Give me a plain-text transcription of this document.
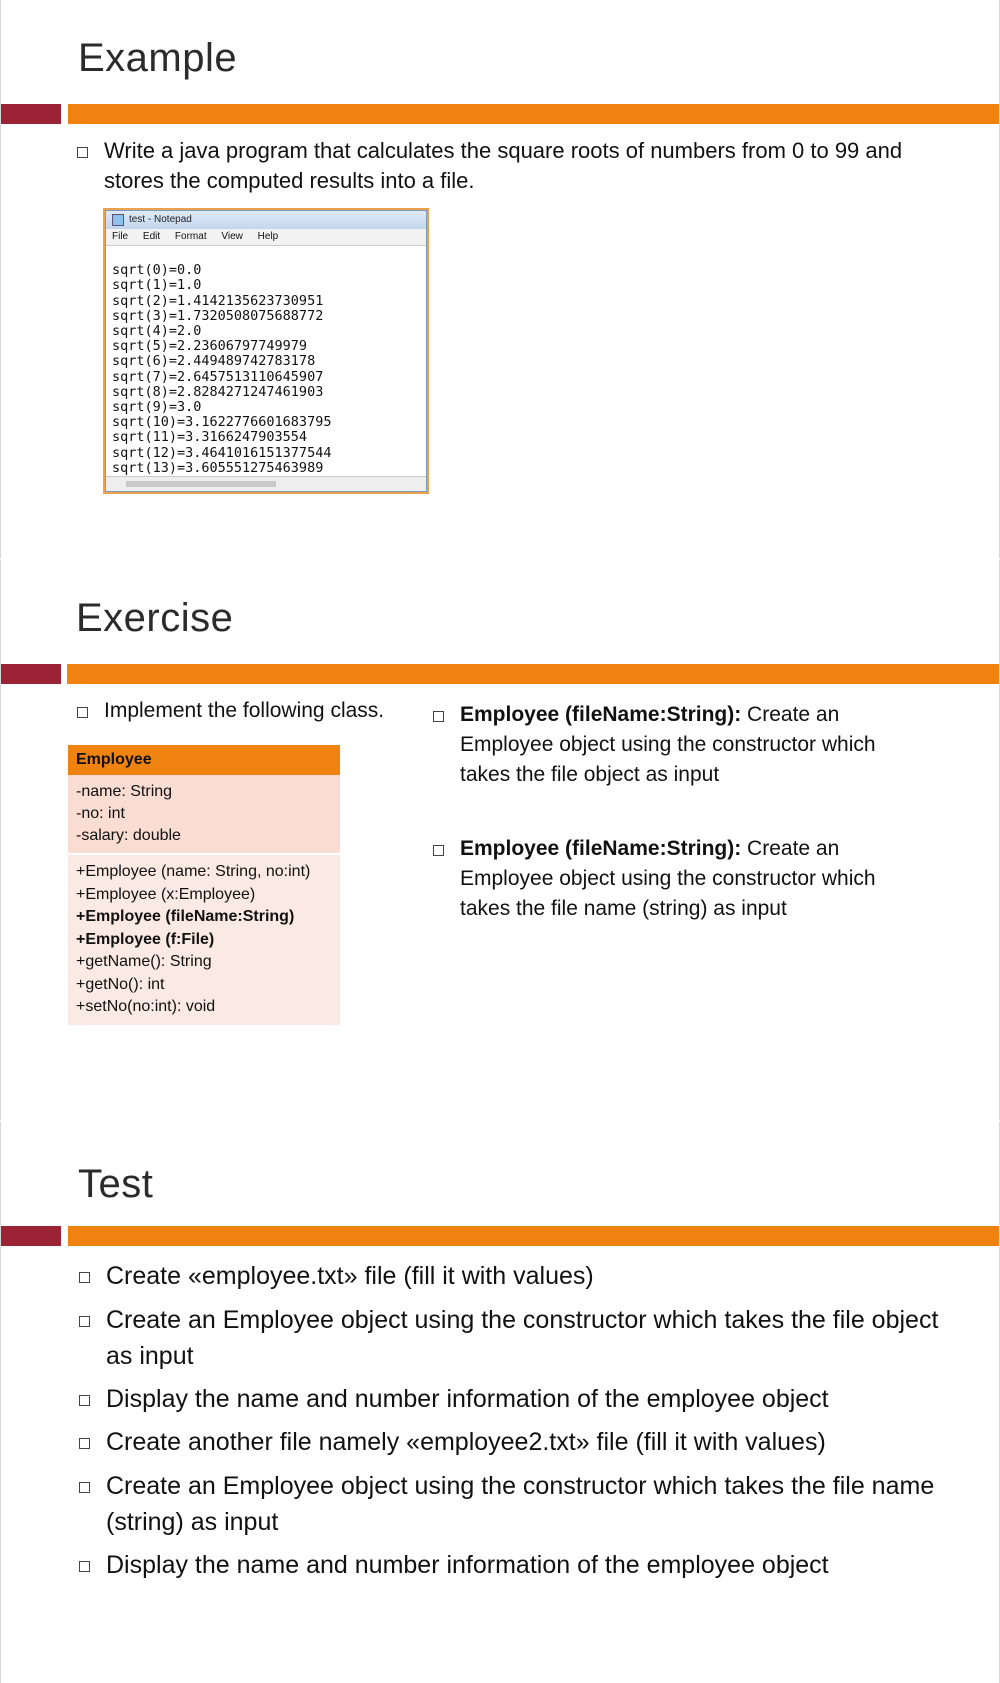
Example
Write a java program that calculates the square roots of numbers from 0 to 99 and stores the computed results into a file.
test - Notepad
File Edit Format View Help

sqrt(0)=0.0
sqrt(1)=1.0
sqrt(2)=1.4142135623730951
sqrt(3)=1.7320508075688772
sqrt(4)=2.0
sqrt(5)=2.23606797749979
sqrt(6)=2.449489742783178
sqrt(7)=2.6457513110645907
sqrt(8)=2.8284271247461903
sqrt(9)=3.0
sqrt(10)=3.1622776601683795
sqrt(11)=3.3166247903554
sqrt(12)=3.4641016151377544
sqrt(13)=3.605551275463989

Exercise
Implement the following class.	Employee (fileName:String): Create an Employee object using the constructor which takes the file object as input
Employee (fileName:String): Create an Employee object using the constructor which takes the file name (string) as input
Employee
-name: String
-no: int
-salary: double
+Employee (name: String, no:int)
+Employee (x:Employee)
+Employee (fileName:String)
+Employee (f:File)
+getName(): String
+getNo(): int
+setNo(no:int): void
Test
Create «employee.txt» file (fill it with values)
Create an Employee object using the constructor which takes the file object as input
Display the name and number information of the employee object
Create another file namely «employee2.txt» file (fill it with values)
Create an Employee object using the constructor which takes the file name (string) as input
Display the name and number information of the employee object
